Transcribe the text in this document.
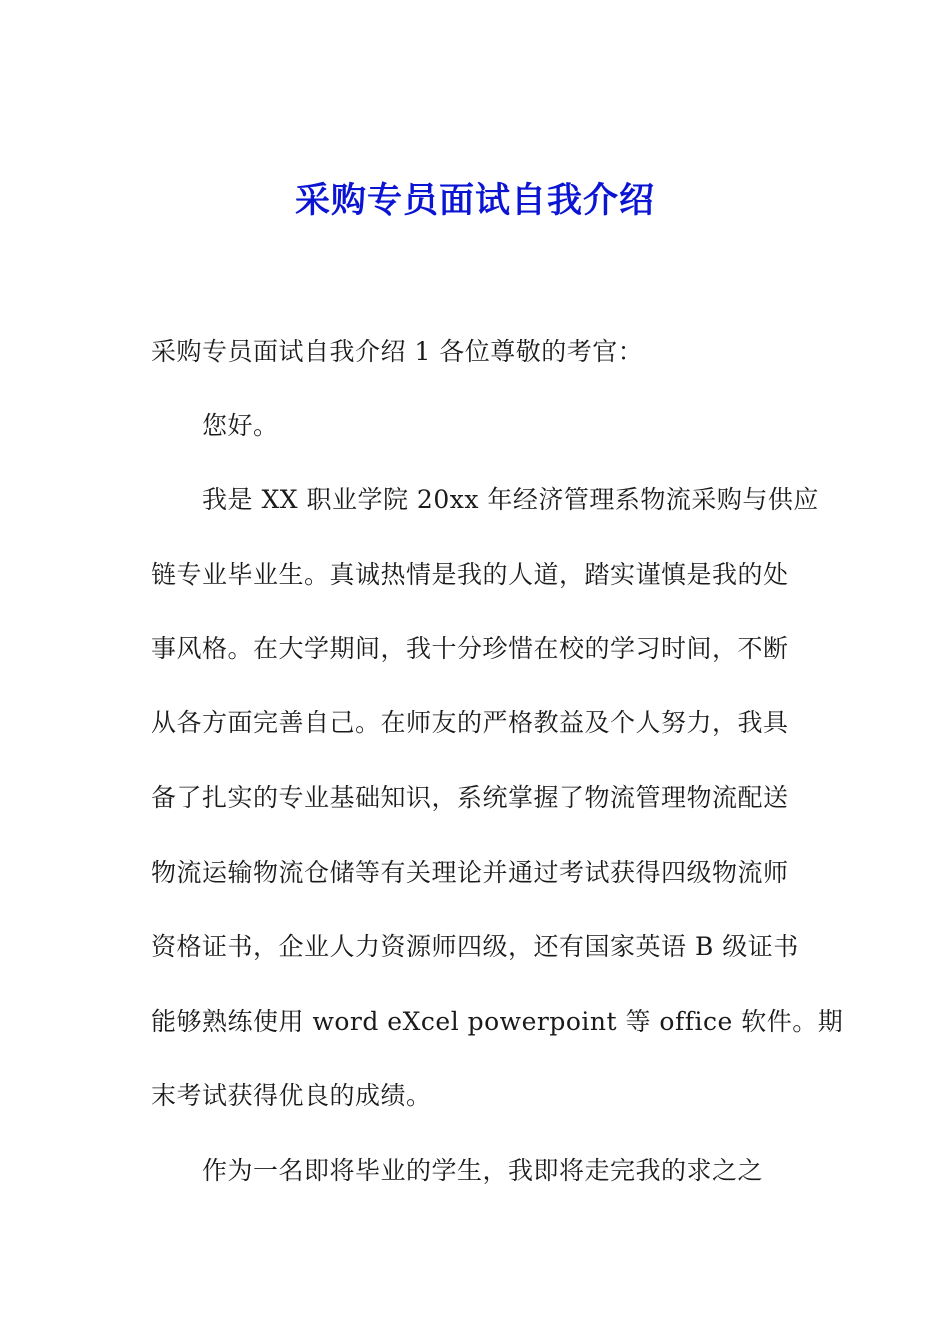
采购专员面试自我介绍
采购专员面试自我介绍 1 各位尊敬的考官：
您好。
我是 XX 职业学院 20xx 年经济管理系物流采购与供应
链专业毕业生。真诚热情是我的人道，踏实谨慎是我的处
事风格。在大学期间，我十分珍惜在校的学习时间，不断
从各方面完善自己。在师友的严格教益及个人努力，我具
备了扎实的专业基础知识，系统掌握了物流管理物流配送
物流运输物流仓储等有关理论并通过考试获得四级物流师
资格证书，企业人力资源师四级，还有国家英语 B 级证书
能够熟练使用 word eXcel powerpoint 等 office 软件。期
末考试获得优良的成绩。
作为一名即将毕业的学生，我即将走完我的求之之
